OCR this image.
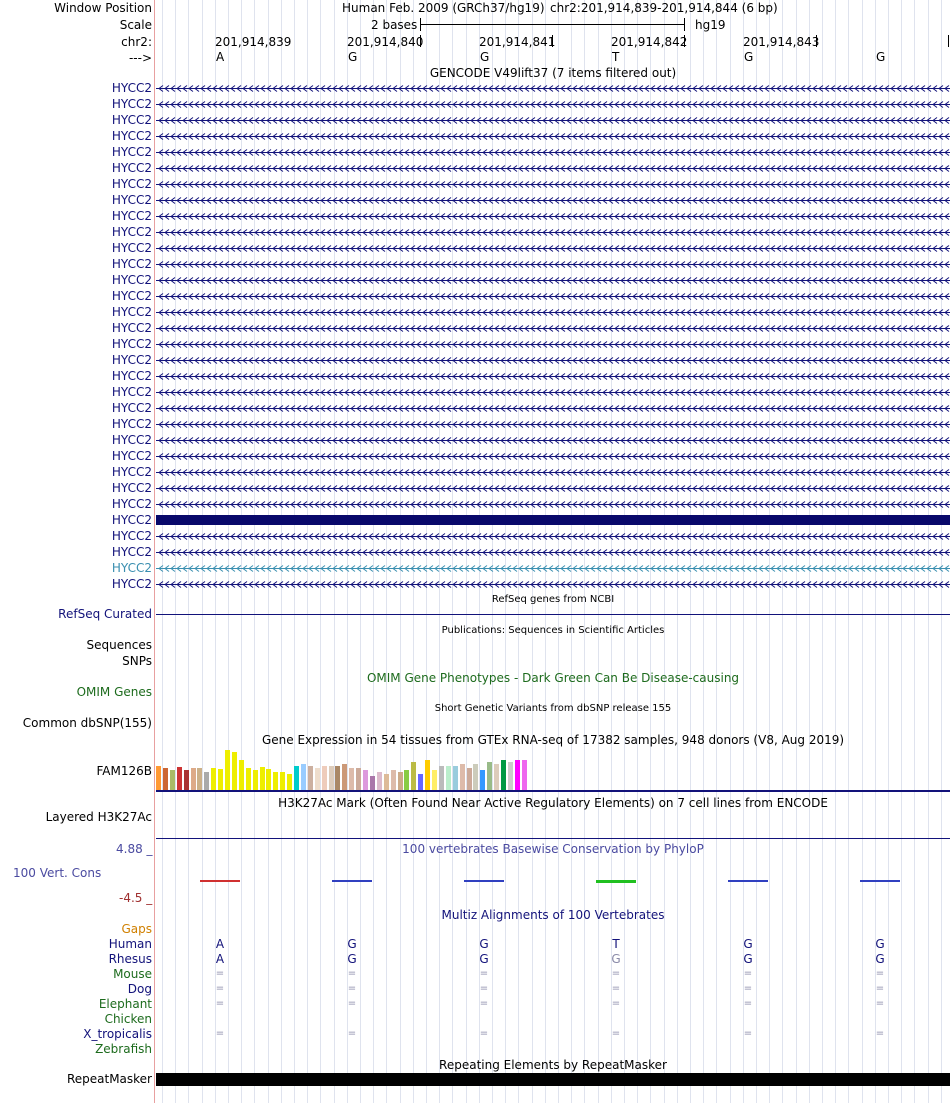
Window Position	Human Feb. 2009 (GRCh37/hg19) chr2:201,914,839-201,914,844 (6 bp)
Scale	2 bases	hg19
chr2:
--->
201,914,839	201,914,840	201,914,841	201,914,842	201,914,843
A	G	G	T	G	G
GENCODE V49lift37 (7 items filtered out)
HYCC2
HYCC2
HYCC2
HYCC2
HYCC2
HYCC2
HYCC2
HYCC2
HYCC2
HYCC2
HYCC2
HYCC2
HYCC2
HYCC2
HYCC2
HYCC2
HYCC2
HYCC2
HYCC2
HYCC2
HYCC2
HYCC2
HYCC2
HYCC2
HYCC2
HYCC2
HYCC2
HYCC2
HYCC2
HYCC2
HYCC2
HYCC2
RefSeq Curated
RefSeq genes from NCBI
Sequences
SNPs
Publications: Sequences in Scientific Articles
OMIM Genes
OMIM Gene Phenotypes - Dark Green Can Be Disease-causing
Common dbSNP(155)
Short Genetic Variants from dbSNP release 155
Gene Expression in 54 tissues from GTEx RNA-seq of 17382 samples, 948 donors (V8, Aug 2019)
FAM126B
H3K27Ac Mark (Often Found Near Active Regulatory Elements) on 7 cell lines from ENCODE
Layered H3K27Ac
100 vertebrates Basewise Conservation by PhyloP
4.88 _
100 Vert. Cons
-4.5 _
Multiz Alignments of 100 Vertebrates
Gaps
Human	A	G	G	T	G	G
Rhesus	A	G	G	G	G	G
Mouse	=	=	=	=	=	=
Dog	=	=	=	=	=	=
Elephant	=	=	=	=	=	=
Chicken
X_tropicalis	=	=	=	=	=	=
Zebrafish
Repeating Elements by RepeatMasker
RepeatMasker
